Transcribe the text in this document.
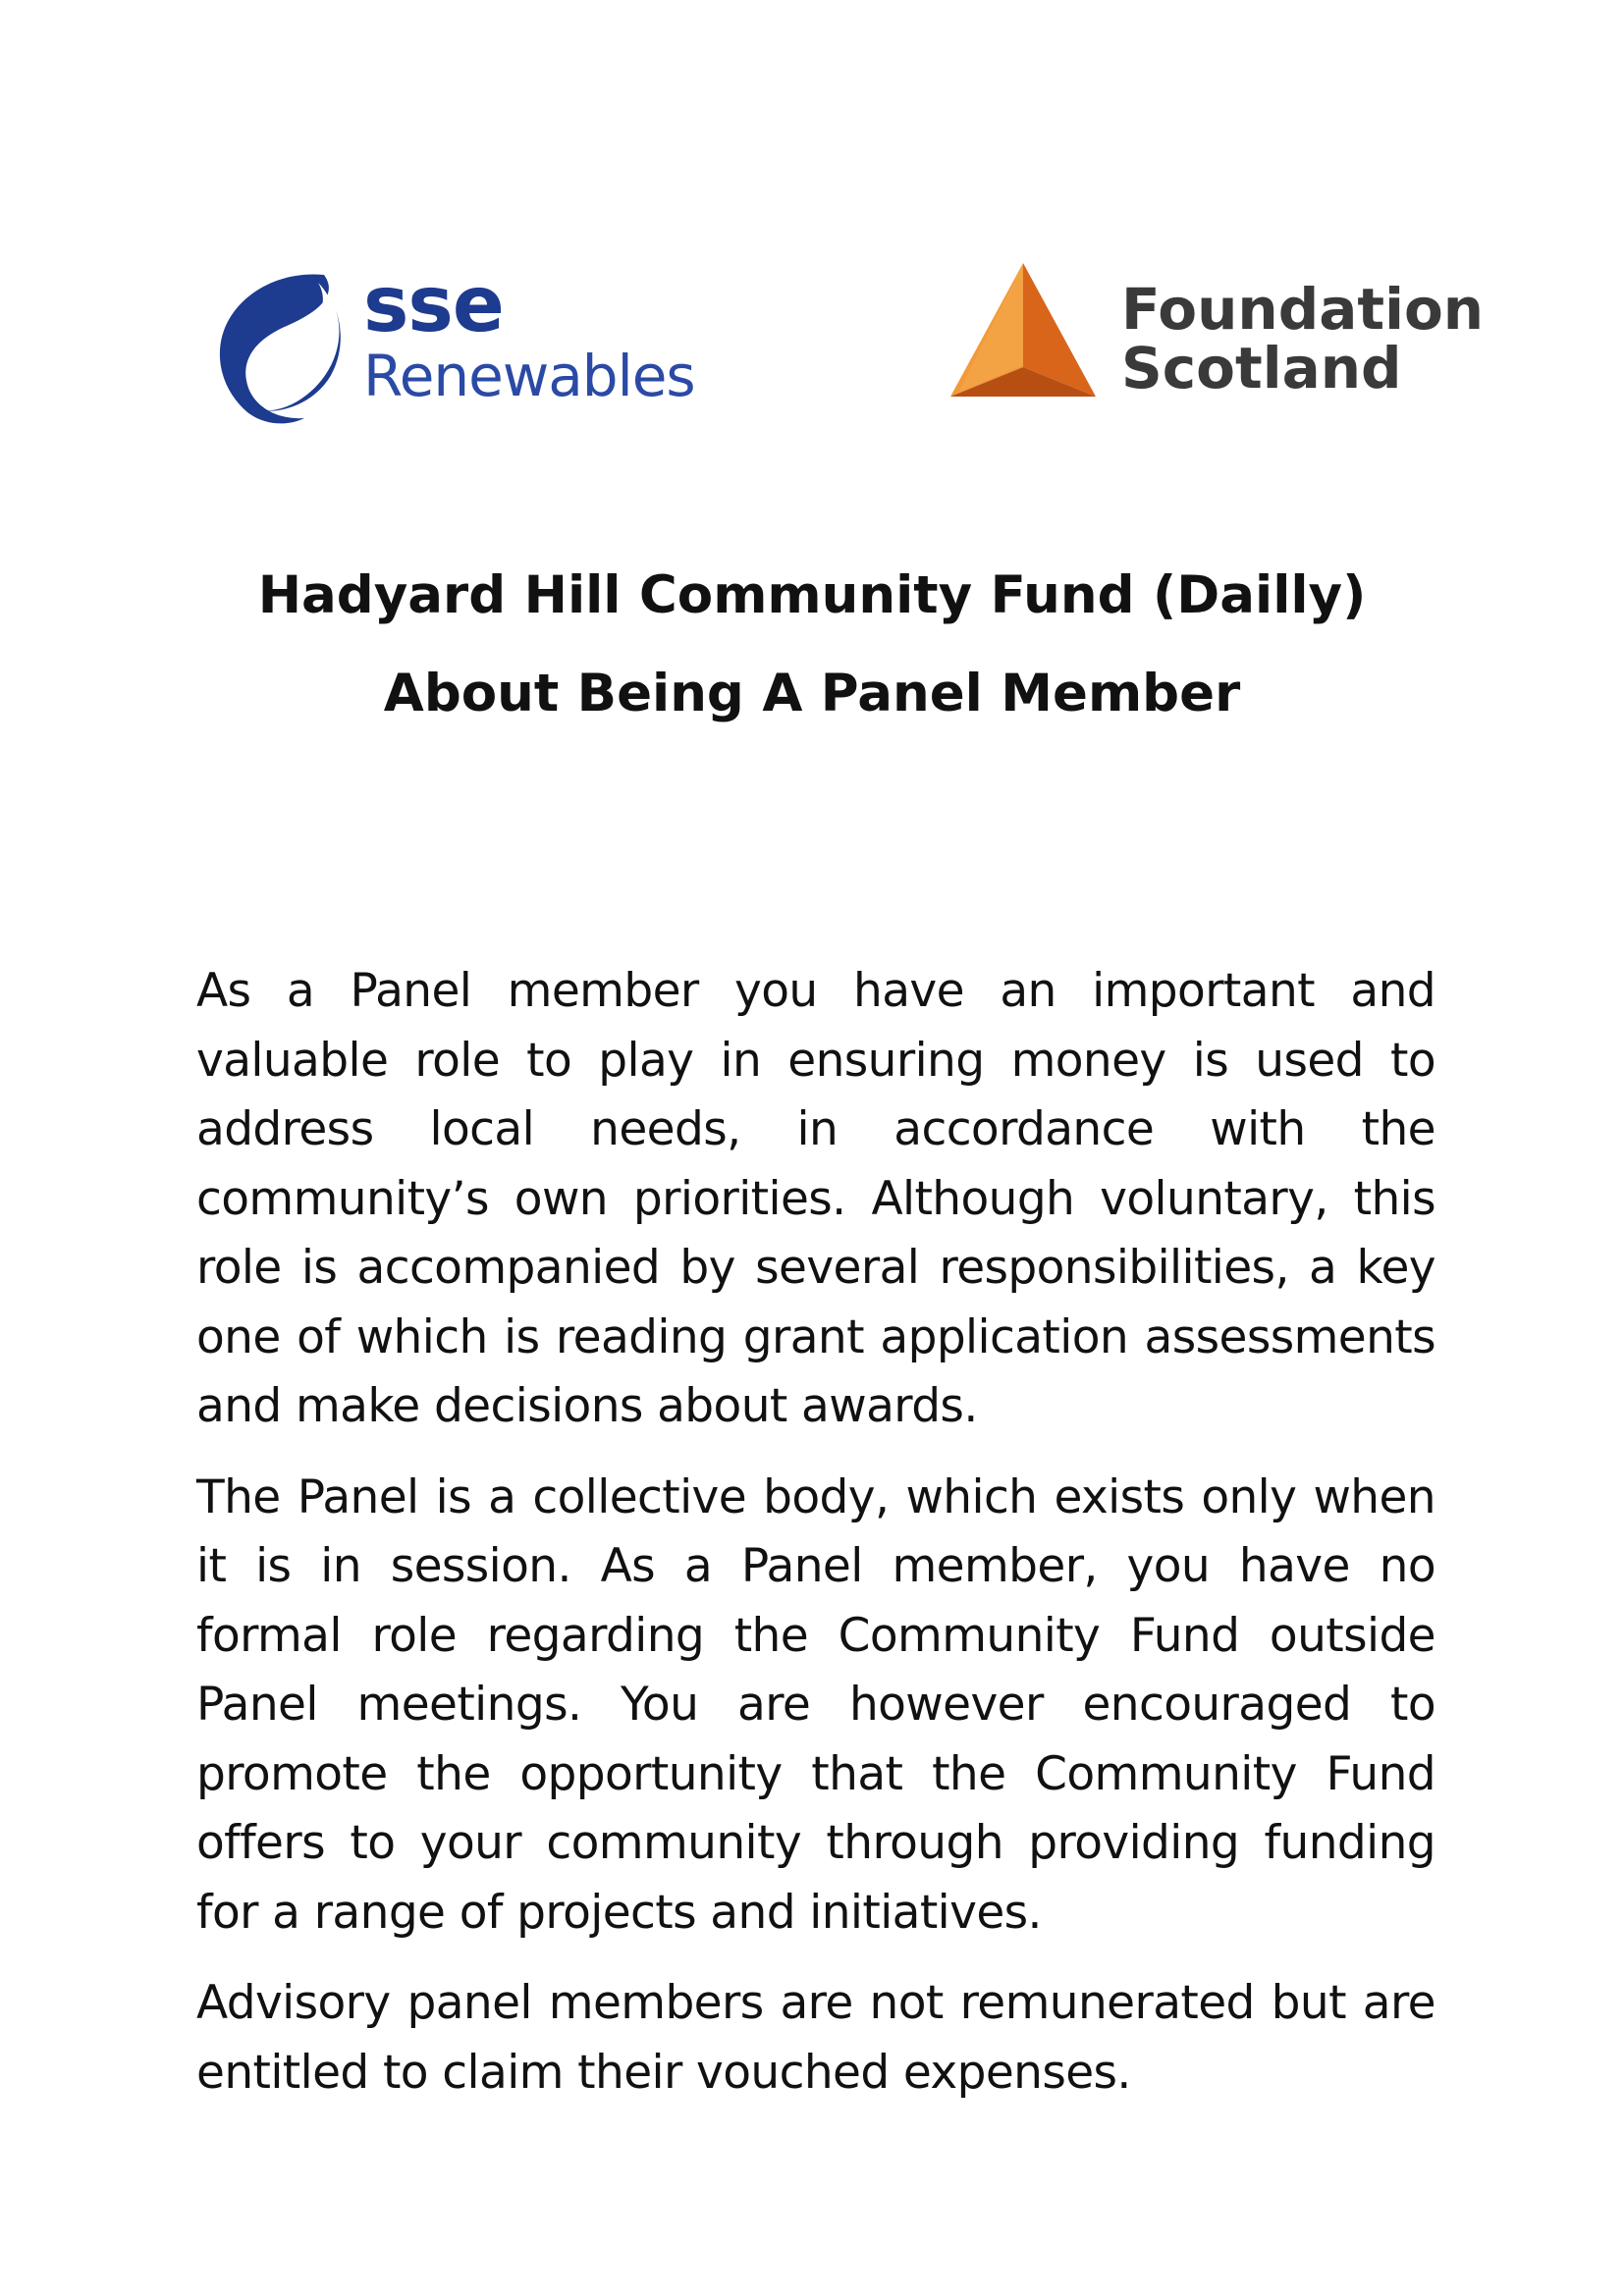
sse
Renewables
Foundation
Scotland
Hadyard Hill Community Fund (Dailly)
About Being A Panel Member

As a Panel member you have an important and valuable role to play in ensuring money is used to address local needs, in accordance with the community’s own priorities. Although voluntary, this role is accompanied by several responsibilities, a key one of which is reading grant application assessments and make decisions about awards.

The Panel is a collective body, which exists only when it is in session. As a Panel member, you have no formal role regarding the Community Fund outside Panel meetings. You are however encouraged to promote the opportunity that the Community Fund offers to your community through providing funding for a range of projects and initiatives.

Advisory panel members are not remunerated but are entitled to claim their vouched expenses.
